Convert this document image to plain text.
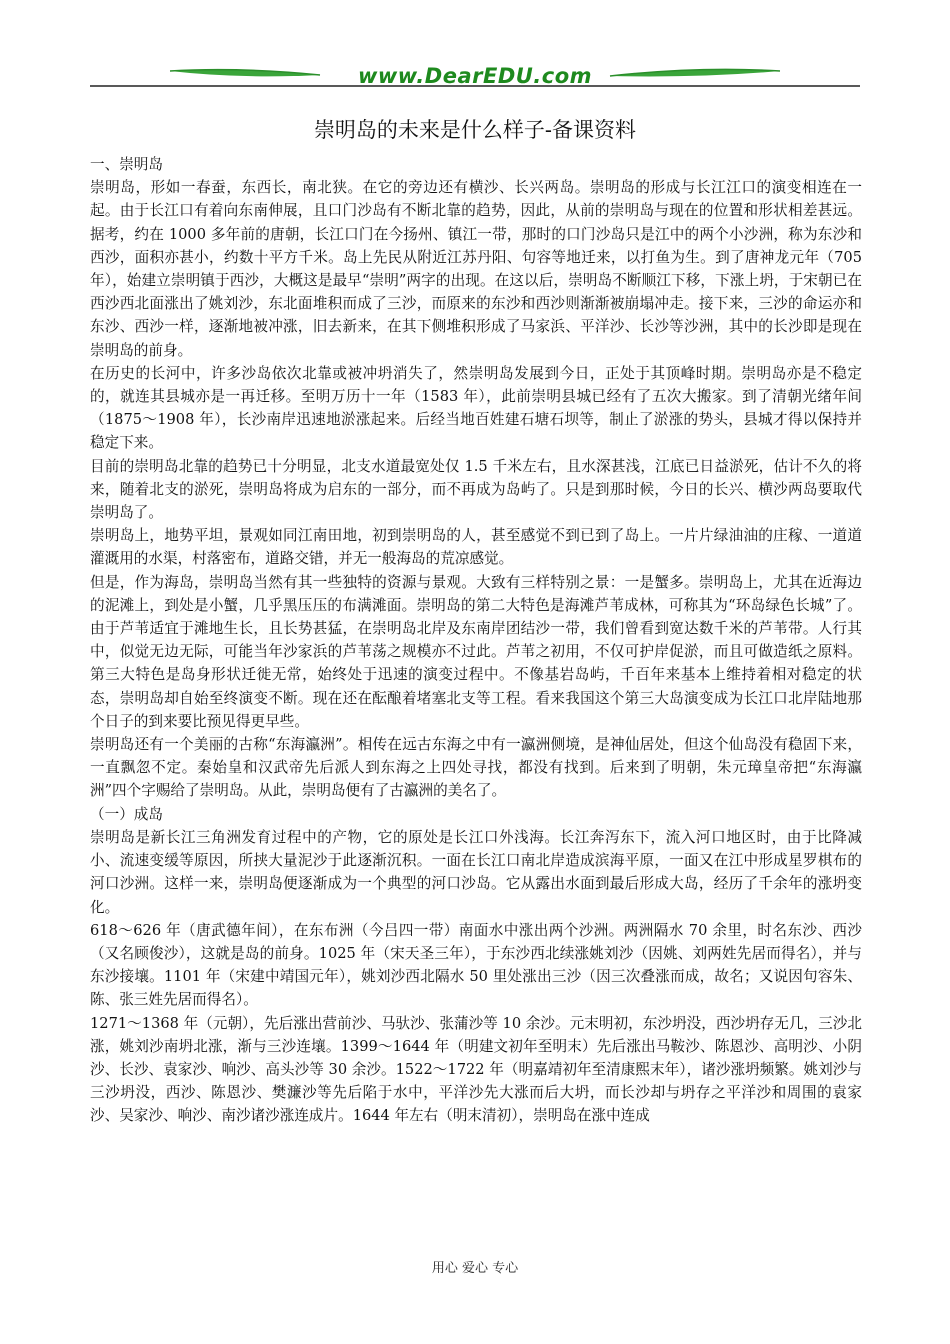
www.DearEDU.com
崇明岛的未来是什么样子-备课资料

一、崇明岛

崇明岛，形如一春蚕，东西长，南北狭。在它的旁边还有横沙、长兴两岛。崇明岛的形成与长江江口的演变相连在一起。由于长江口有着向东南伸展，且口门沙岛有不断北靠的趋势，因此，从前的崇明岛与现在的位置和形状相差甚远。据考，约在 1000 多年前的唐朝，长江口门在今扬州、镇江一带，那时的口门沙岛只是江中的两个小沙洲，称为东沙和西沙，面积亦甚小，约数十平方千米。岛上先民从附近江苏丹阳、句容等地迁来，以打鱼为生。到了唐神龙元年（705 年），始建立崇明镇于西沙，大概这是最早“崇明”两字的出现。在这以后，崇明岛不断顺江下移，下涨上坍，于宋朝已在西沙西北面涨出了姚刘沙，东北面堆积而成了三沙，而原来的东沙和西沙则渐渐被崩塌冲走。接下来，三沙的命运亦和东沙、西沙一样，逐渐地被冲涨，旧去新来，在其下侧堆积形成了马家浜、平洋沙、长沙等沙洲，其中的长沙即是现在崇明岛的前身。

在历史的长河中，许多沙岛依次北靠或被冲坍消失了，然崇明岛发展到今日，正处于其顶峰时期。崇明岛亦是不稳定的，就连其县城亦是一再迁移。至明万历十一年（1583 年），此前崇明县城已经有了五次大搬家。到了清朝光绪年间（1875～1908 年），长沙南岸迅速地淤涨起来。后经当地百姓建石塘石坝等，制止了淤涨的势头，县城才得以保持并稳定下来。

目前的崇明岛北靠的趋势已十分明显，北支水道最宽处仅 1.5 千米左右，且水深甚浅，江底已日益淤死，估计不久的将来，随着北支的淤死，崇明岛将成为启东的一部分，而不再成为岛屿了。只是到那时候，今日的长兴、横沙两岛要取代崇明岛了。

崇明岛上，地势平坦，景观如同江南田地，初到崇明岛的人，甚至感觉不到已到了岛上。一片片绿油油的庄稼、一道道灌溉用的水渠，村落密布，道路交错，并无一般海岛的荒凉感觉。

但是，作为海岛，崇明岛当然有其一些独特的资源与景观。大致有三样特别之景：一是蟹多。崇明岛上，尤其在近海边的泥滩上，到处是小蟹，几乎黑压压的布满滩面。崇明岛的第二大特色是海滩芦苇成林，可称其为“环岛绿色长城”了。由于芦苇适宜于滩地生长，且长势甚猛，在崇明岛北岸及东南岸团结沙一带，我们曾看到宽达数千米的芦苇带。人行其中，似觉无边无际，可能当年沙家浜的芦苇荡之规模亦不过此。芦苇之初用，不仅可护岸促淤，而且可做造纸之原料。第三大特色是岛身形状迁徙无常，始终处于迅速的演变过程中。不像基岩岛屿，千百年来基本上维持着相对稳定的状态，崇明岛却自始至终演变不断。现在还在酝酿着堵塞北支等工程。看来我国这个第三大岛演变成为长江口北岸陆地那个日子的到来要比预见得更早些。

崇明岛还有一个美丽的古称“东海瀛洲”。相传在远古东海之中有一瀛洲侧境，是神仙居处，但这个仙岛没有稳固下来，一直飘忽不定。秦始皇和汉武帝先后派人到东海之上四处寻找，都没有找到。后来到了明朝，朱元璋皇帝把“东海瀛洲”四个字赐给了崇明岛。从此，崇明岛便有了古瀛洲的美名了。

（一）成岛

崇明岛是新长江三角洲发育过程中的产物，它的原处是长江口外浅海。长江奔泻东下，流入河口地区时，由于比降减小、流速变缓等原因，所挟大量泥沙于此逐渐沉积。一面在长江口南北岸造成滨海平原，一面又在江中形成星罗棋布的河口沙洲。这样一来，崇明岛便逐渐成为一个典型的河口沙岛。它从露出水面到最后形成大岛，经历了千余年的涨坍变化。

618～626 年（唐武德年间），在东布洲（今吕四一带）南面水中涨出两个沙洲。两洲隔水 70 余里，时名东沙、西沙（又名顾俊沙），这就是岛的前身。1025 年（宋天圣三年），于东沙西北续涨姚刘沙（因姚、刘两姓先居而得名），并与东沙接壤。1101 年（宋建中靖国元年），姚刘沙西北隔水 50 里处涨出三沙（因三次叠涨而成，故名；又说因句容朱、陈、张三姓先居而得名）。

1271～1368 年（元朝），先后涨出营前沙、马驮沙、张蒲沙等 10 余沙。元末明初，东沙坍没，西沙坍存无几，三沙北涨，姚刘沙南坍北涨，渐与三沙连壤。1399～1644 年（明建文初年至明末）先后涨出马鞍沙、陈恩沙、高明沙、小阴沙、长沙、袁家沙、响沙、高头沙等 30 余沙。1522～1722 年（明嘉靖初年至清康熙末年），诸沙涨坍频繁。姚刘沙与三沙坍没，西沙、陈恩沙、樊濂沙等先后陷于水中，平洋沙先大涨而后大坍，而长沙却与坍存之平洋沙和周围的袁家沙、吴家沙、响沙、南沙诸沙涨连成片。1644 年左右（明末清初），崇明岛在涨中连成

用心 爱心 专心
